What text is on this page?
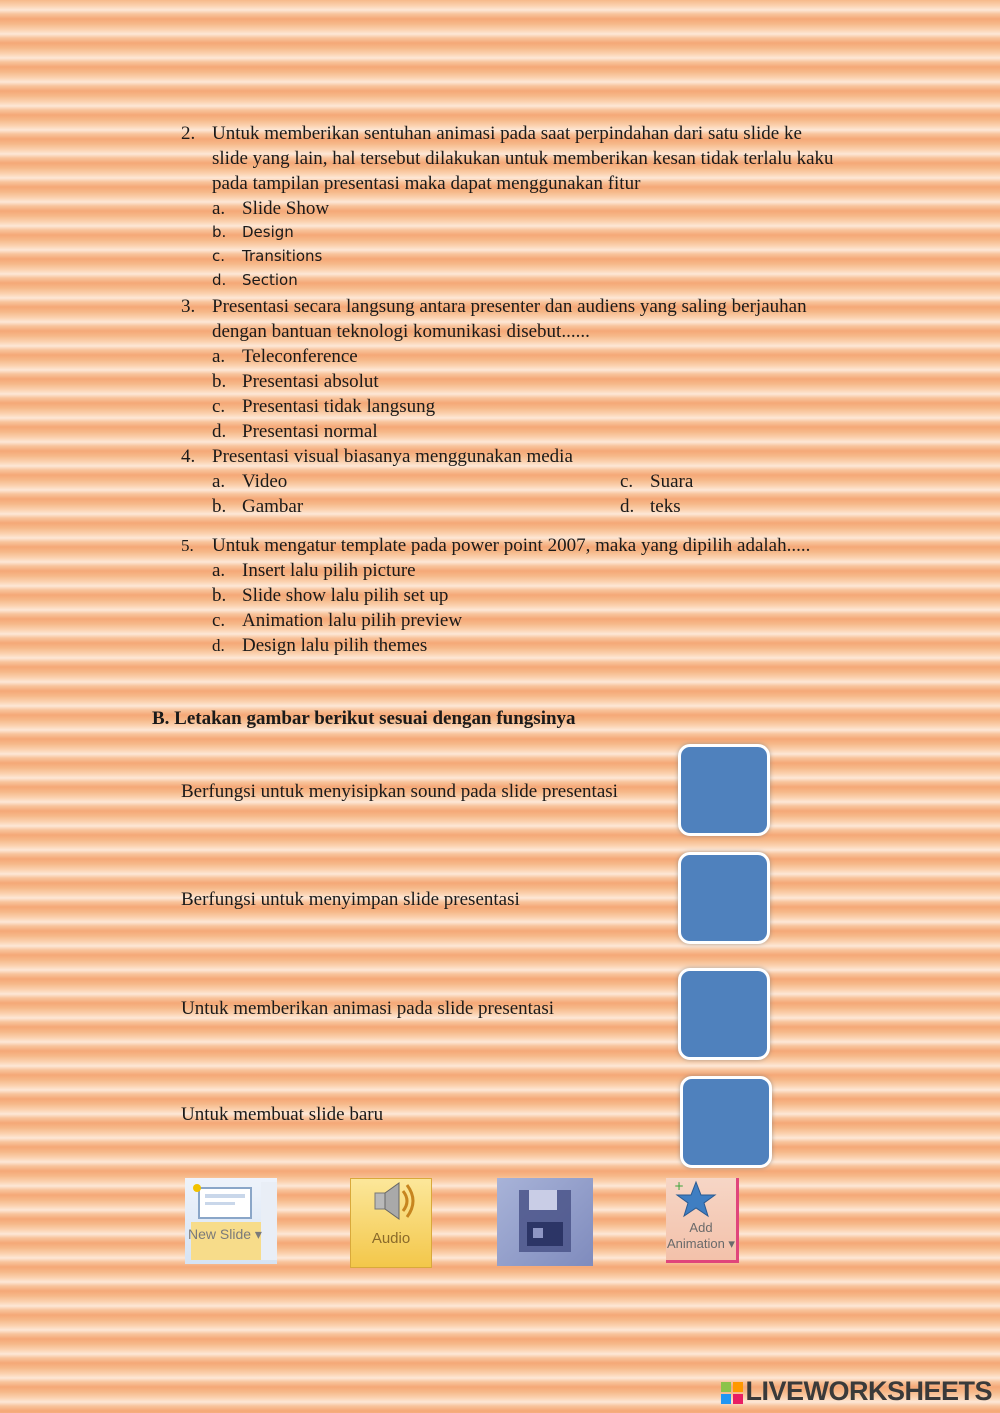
2. Untuk memberikan sentuhan animasi pada saat perpindahan dari satu slide ke
slide yang lain, hal tersebut dilakukan untuk memberikan kesan tidak terlalu kaku
pada tampilan presentasi maka dapat menggunakan fitur
a. Slide Show
b. Design
c. Transitions
d. Section
3. Presentasi secara langsung antara presenter dan audiens yang saling berjauhan
dengan bantuan teknologi komunikasi disebut......
a. Teleconference
b. Presentasi absolut
c. Presentasi tidak langsung
d. Presentasi normal
4. Presentasi visual biasanya menggunakan media
a. Video	c. Suara
b. Gambar	d. teks
5. Untuk mengatur template pada power point 2007, maka yang dipilih adalah.....
a. Insert lalu pilih picture
b. Slide show lalu pilih set up
c. Animation lalu pilih preview
d. Design lalu pilih themes
B. Letakan gambar berikut sesuai dengan fungsinya
Berfungsi untuk menyisipkan sound pada slide presentasi
Berfungsi untuk menyimpan slide presentasi
Untuk memberikan animasi pada slide presentasi
Untuk membuat slide baru
New Slide ▾	Audio
+
Add Animation ▾
LIVEWORKSHEETS
